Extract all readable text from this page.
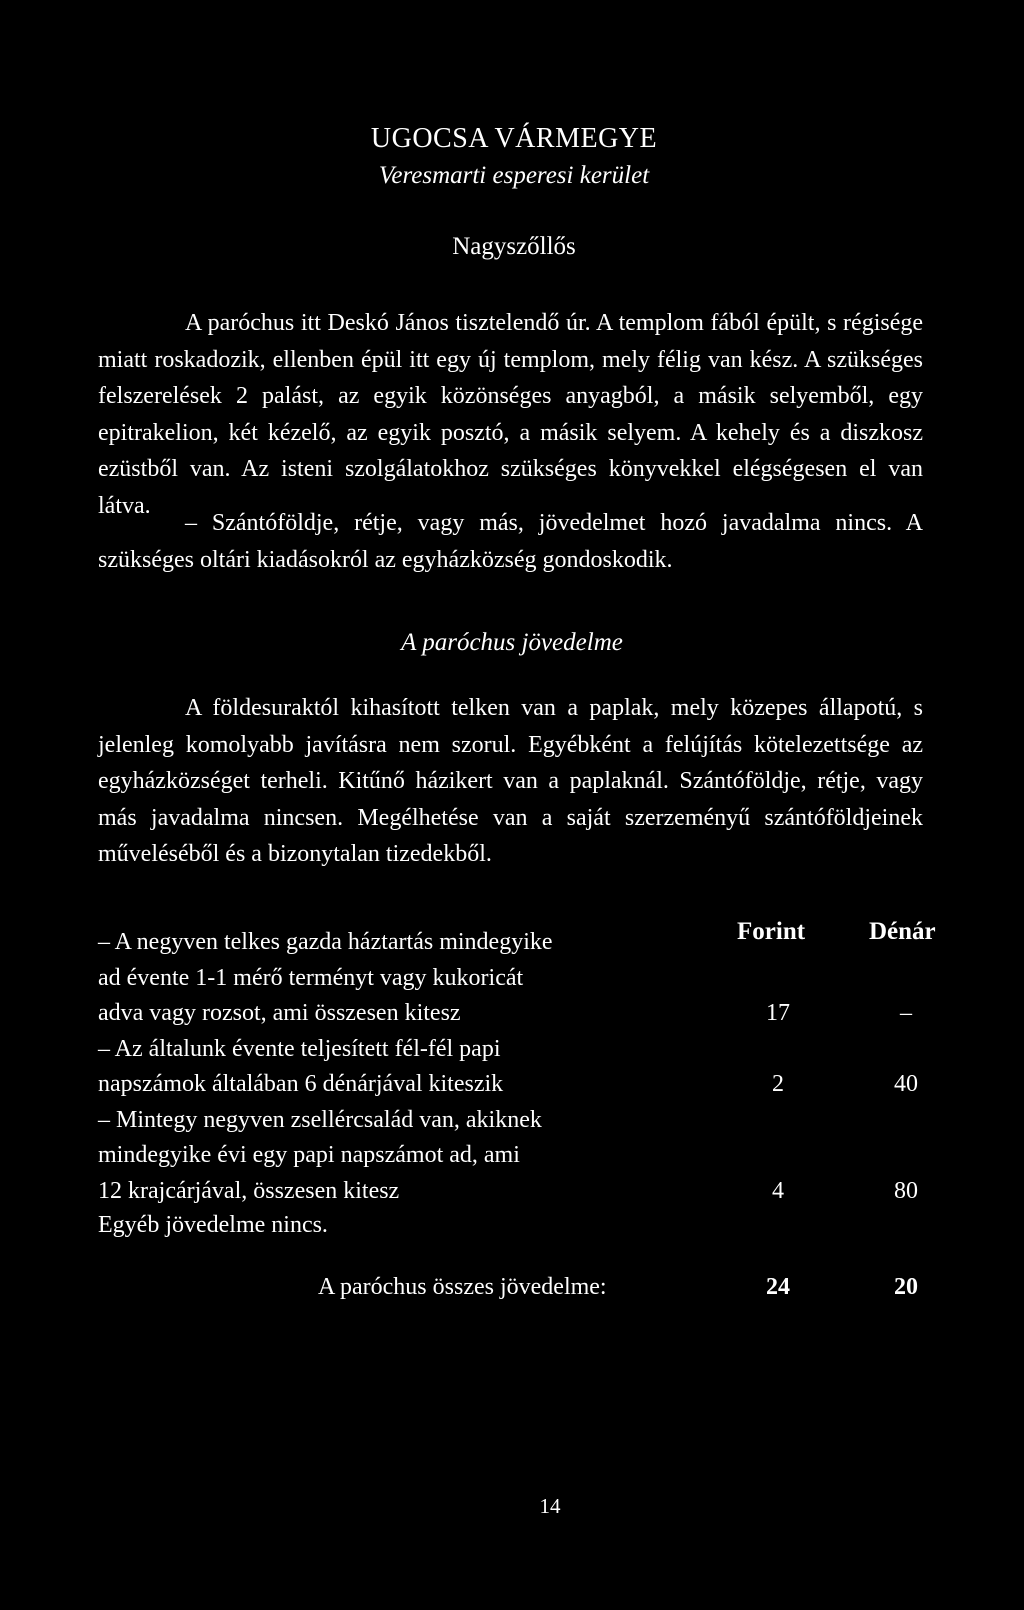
UGOCSA VÁRMEGYE
Veresmarti esperesi kerület
Nagyszőllős

A paróchus itt Deskó János tisztelendő úr. A templom fából épült, s régisége miatt roskadozik, ellenben épül itt egy új templom, mely félig van kész. A szükséges felszerelések 2 palást, az egyik közönséges anyagból, a másik selyemből, egy epitrakelion, két kézelő, az egyik posztó, a másik selyem. A kehely és a diszkosz ezüstből van. Az isteni szolgálatokhoz szükséges könyvekkel elégségesen el van látva.

– Szántóföldje, rétje, vagy más, jövedelmet hozó javadalma nincs. A szükséges oltári kiadásokról az egyházközség gondoskodik.

A paróchus jövedelme

A földesuraktól kihasított telken van a paplak, mely közepes állapotú, s jelenleg komolyabb javításra nem szorul. Egyébként a felújítás kötelezettsége az egyházközséget terheli. Kitűnő házikert van a paplaknál. Szántóföldje, rétje, vagy más javadalma nincsen. Megélhetése van a saját szerzeményű szántóföldjeinek műveléséből és a bizonytalan tizedekből.

Forint	Dénár
– A negyven telkes gazda háztartás mindegyike
ad évente 1-1 mérő terményt vagy kukoricát
adva vagy rozsot, ami összesen kitesz	17	–
– Az általunk évente teljesített fél-fél papi
napszámok általában 6 dénárjával kiteszik	2	40
– Mintegy negyven zsellércsalád van, akiknek
mindegyike évi egy papi napszámot ad, ami
12 krajcárjával, összesen kitesz	4	80
Egyéb jövedelme nincs.
A paróchus összes jövedelme:	24	20
14
